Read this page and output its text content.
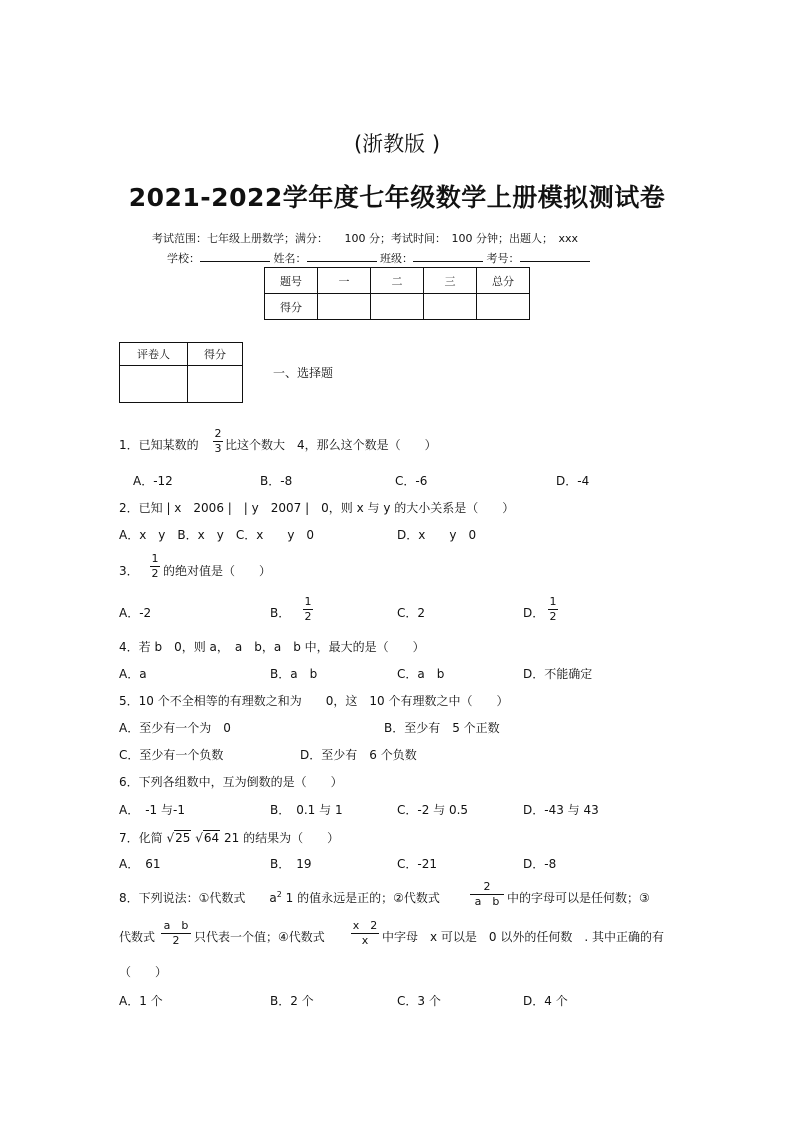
(浙教版 )
2021-2022学年度七年级数学上册模拟测试卷
考试范围：七年级上册数学；满分：　　100 分；考试时间：　100 分钟；出题人；　xxx
学校：	姓名：	班级：	考号：
题号	一	二	三	总分
得分				
评卷人	得分

一、选择题
1．已知某数的
2
3 比这个数大　4，那么这个数是（　　）
A．-12	B．-8	C．-6	D．-4
2．已知 | x　2006 |　| y　2007 |　0，则 x 与 y 的大小关系是（　　）
A．x　y　B．x　y　C．x　　y　0	D．x　　y　0
3．
1
2 的绝对值是（　　）
A．-2	B．
1
2	C．2	D．
1
2
4．若 b　0，则 a，　a　b，a　b 中，最大的是（　　）
A．a	B．a　b	C．a　b	D．不能确定
5．10 个不全相等的有理数之和为　　0，这　10 个有理数之中（　　）
A．至少有一个为　0	B．至少有　5 个正数
C．至少有一个负数	D．至少有　6 个负数
6．下列各组数中，互为倒数的是（　　）
A．　-1 与-1	B．　0.1 与 1	C．-2 与 0.5	D．-43 与 43
7．化简 √25 √64 21 的结果为（　　）
A．　61	B．　19	C．-21	D．-8
8．下列说法：①代数式　　$a^2$ 1 的值永远是正的；②代数式
2
a　b 中的字母可以是任何数；③
代数式
a　b
2	只代表一个值；④代数式
x　2
x	中字母　x 可以是　0 以外的任何数　. 其中正确的有
（　　）
A．1 个	B．2 个	C．3 个	D．4 个
